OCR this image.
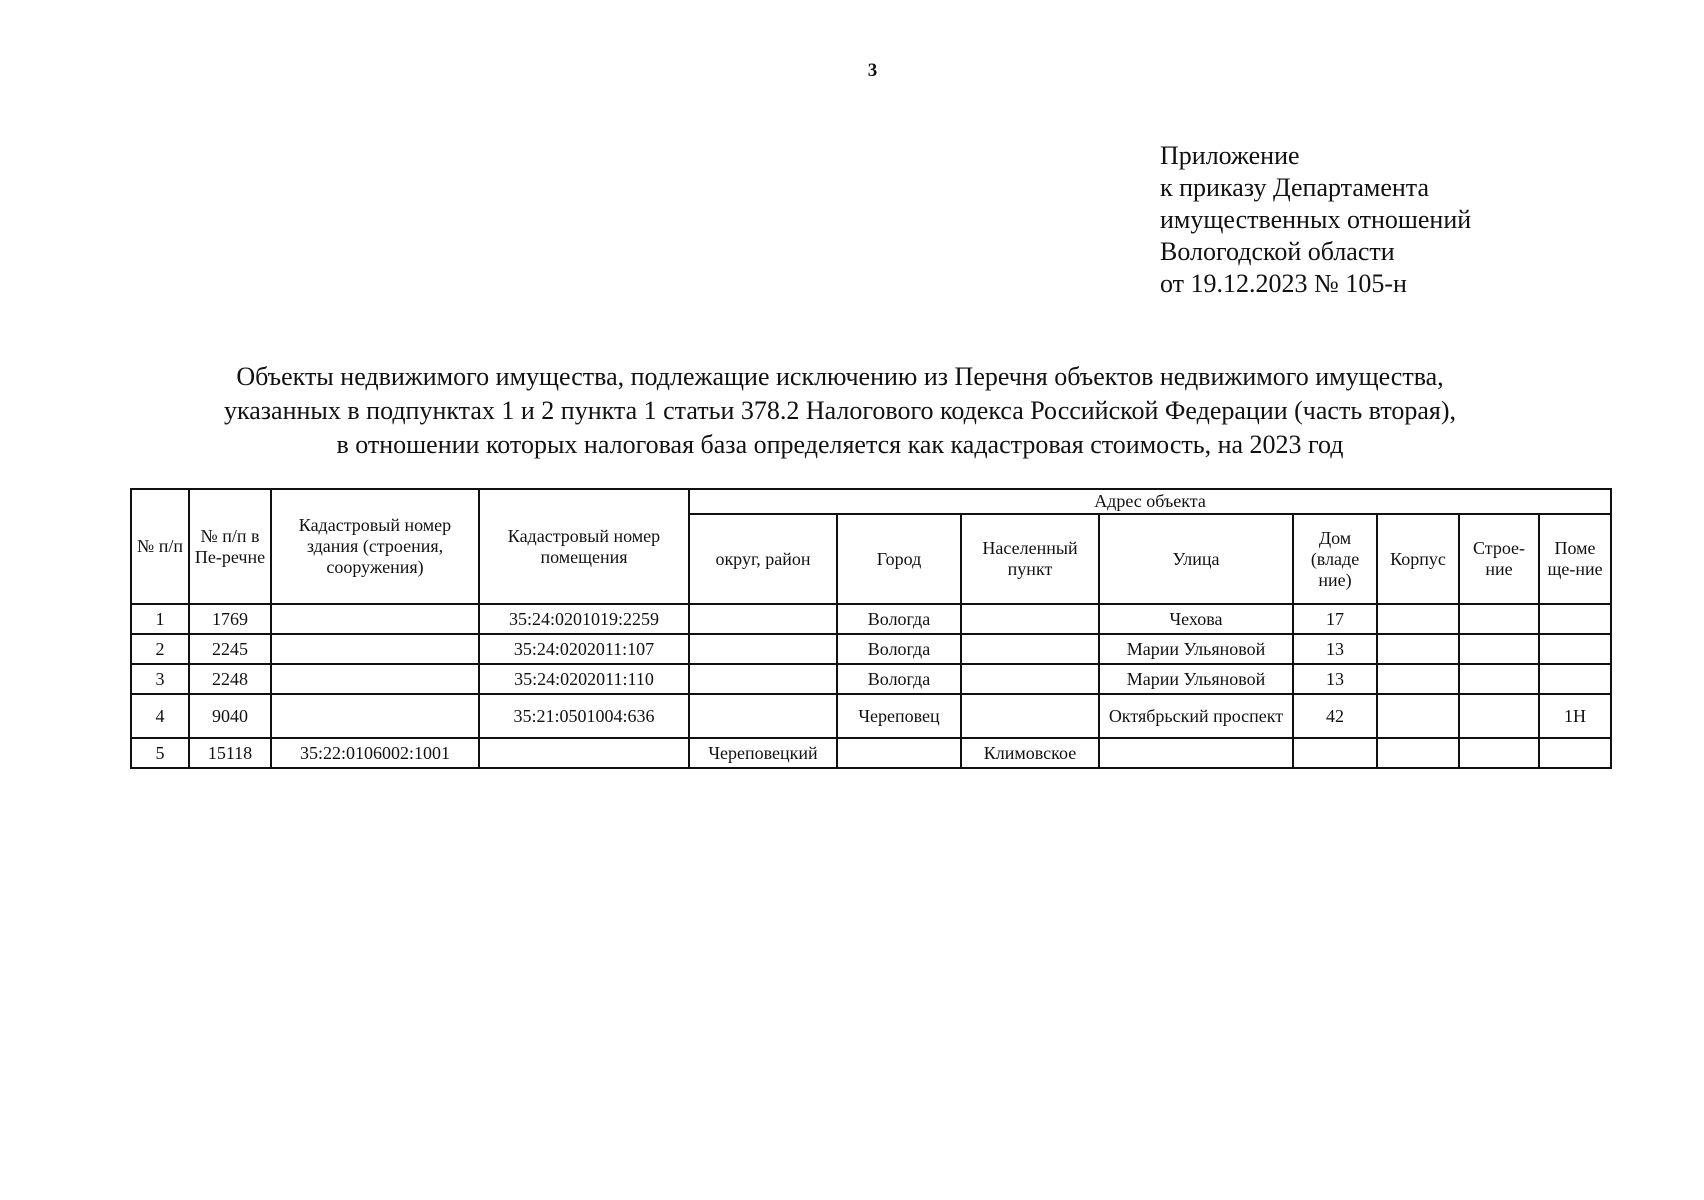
3
Приложение
к приказу Департамента
имущественных отношений
Вологодской области
от 19.12.2023 № 105-н
Объекты недвижимого имущества, подлежащие исключению из Перечня объектов недвижимого имущества,
указанных в подпунктах 1 и 2 пункта 1 статьи 378.2 Налогового кодекса Российской Федерации (часть вторая),
в отношении которых налоговая база определяется как кадастровая стоимость, на 2023 год
№ п/п	№ п/п в Пе-речне	Кадастровый номер здания (строения, сооружения)	Кадастровый номер помещения	Адрес объекта							
				округ, район	Город	Населенный пункт	Улица	Дом (владе ние)	Корпус	Строе-ние	Поме ще-ние
1	1769		35:24:0201019:2259		Вологда		Чехова	17			
2	2245		35:24:0202011:107		Вологда		Марии Ульяновой	13			
3	2248		35:24:0202011:110		Вологда		Марии Ульяновой	13			
4	9040		35:21:0501004:636		Череповец		Октябрьский проспект	42			1Н
5	15118	35:22:0106002:1001		Череповецкий		Климовское					
